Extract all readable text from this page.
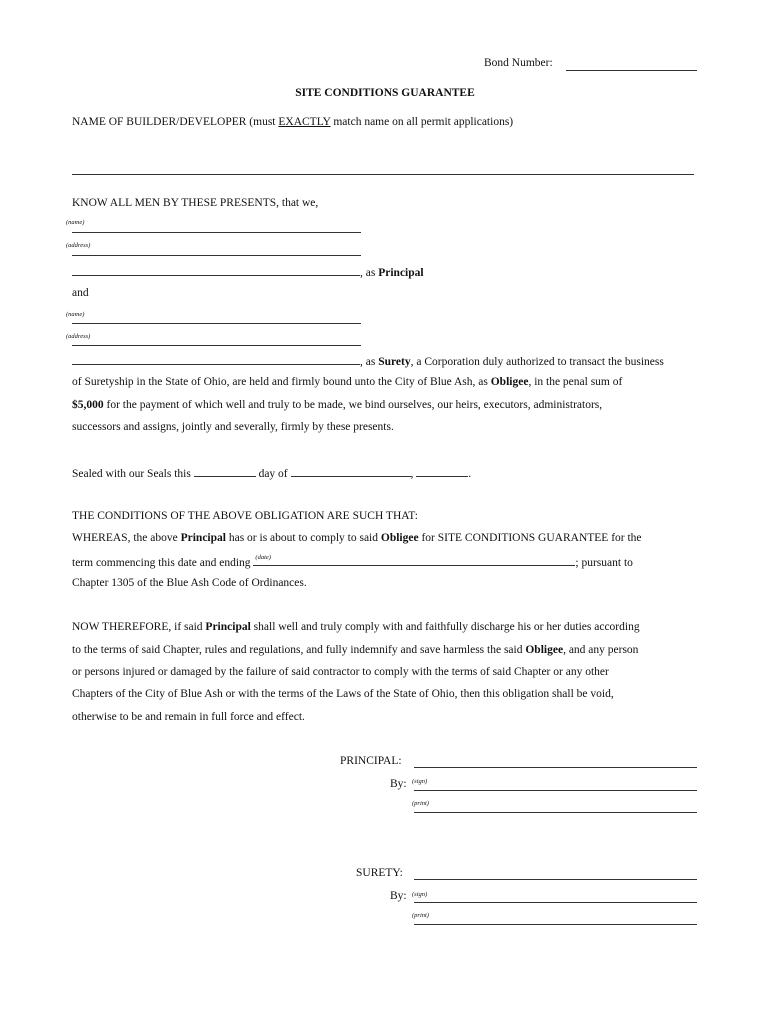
Bond Number:
SITE CONDITIONS GUARANTEE
NAME OF BUILDER/DEVELOPER (must EXACTLY match name on all permit applications)
KNOW ALL MEN BY THESE PRESENTS, that we,
(name)
(address)
, as Principal
and
(name)
(address)
, as Surety, a Corporation duly authorized to transact the business
of Suretyship in the State of Ohio, are held and firmly bound unto the City of Blue Ash, as Obligee, in the penal sum of
$5,000 for the payment of which well and truly to be made, we bind ourselves, our heirs, executors, administrators,
successors and assigns, jointly and severally, firmly by these presents.
Sealed with our Seals this	day of	,	.
THE CONDITIONS OF THE ABOVE OBLIGATION ARE SUCH THAT:
WHEREAS, the above Principal has or is about to comply to said Obligee for SITE CONDITIONS GUARANTEE for the
term commencing this date and ending (date)	; pursuant to
Chapter 1305 of the Blue Ash Code of Ordinances.
NOW THEREFORE, if said Principal shall well and truly comply with and faithfully discharge his or her duties according
to the terms of said Chapter, rules and regulations, and fully indemnify and save harmless the said Obligee, and any person
or persons injured or damaged by the failure of said contractor to comply with the terms of said Chapter or any other
Chapters of the City of Blue Ash or with the terms of the Laws of the State of Ohio, then this obligation shall be void,
otherwise to be and remain in full force and effect.
PRINCIPAL:
By: (sign)
(print)
SURETY:
By: (sign)
(print)
